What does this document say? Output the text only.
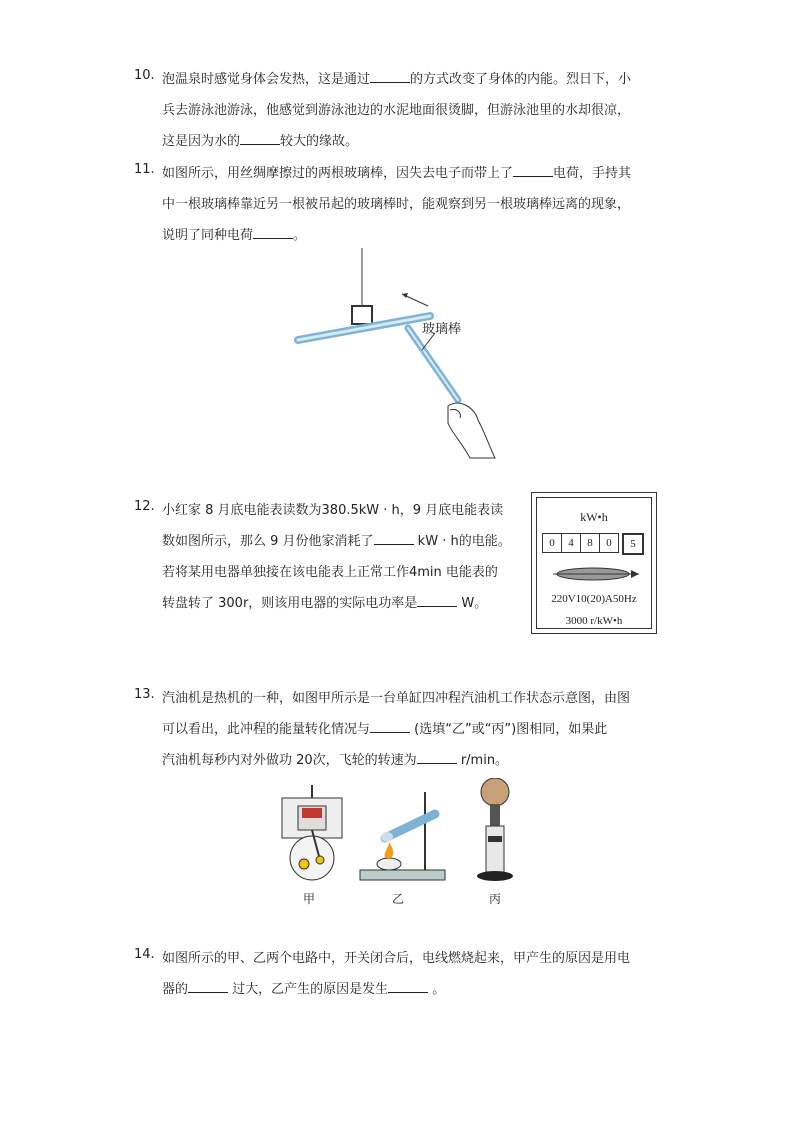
10. 泡温泉时感觉身体会发热，这是通过	的方式改变了身体的内能。烈日下，小
兵去游泳池游泳，他感觉到游泳池边的水泥地面很烫脚，但游泳池里的水却很凉，
这是因为水的	较大的缘故。
11. 如图所示，用丝绸摩擦过的两根玻璃棒，因失去电子而带上了	电荷，手持其
中一根玻璃棒靠近另一根被吊起的玻璃棒时，能观察到另一根玻璃棒远离的现象，
说明了同种电荷	。
玻璃棒
12. 小红家 8 月底电能表读数为380.5kW · h，9 月底电能表读
数如图所示，那么 9 月份他家消耗了	kW · h的电能。
若将某用电器单独接在该电能表上正常工作4min 电能表的
转盘转了 300r，则该用电器的实际电功率是	W。
kW•h
0	4	8	0	5
220V10(20)A50Hz
3000 r/kW•h
13. 汽油机是热机的一种，如图甲所示是一台单缸四冲程汽油机工作状态示意图，由图
可以看出，此冲程的能量转化情况与	(选填“乙”或“丙”)图相同，如果此
汽油机每秒内对外做功 20次，飞轮的转速为	r/min。
甲	乙	丙
14. 如图所示的甲、乙两个电路中，开关闭合后，电线燃烧起来，甲产生的原因是用电
器的	过大，乙产生的原因是发生	。
